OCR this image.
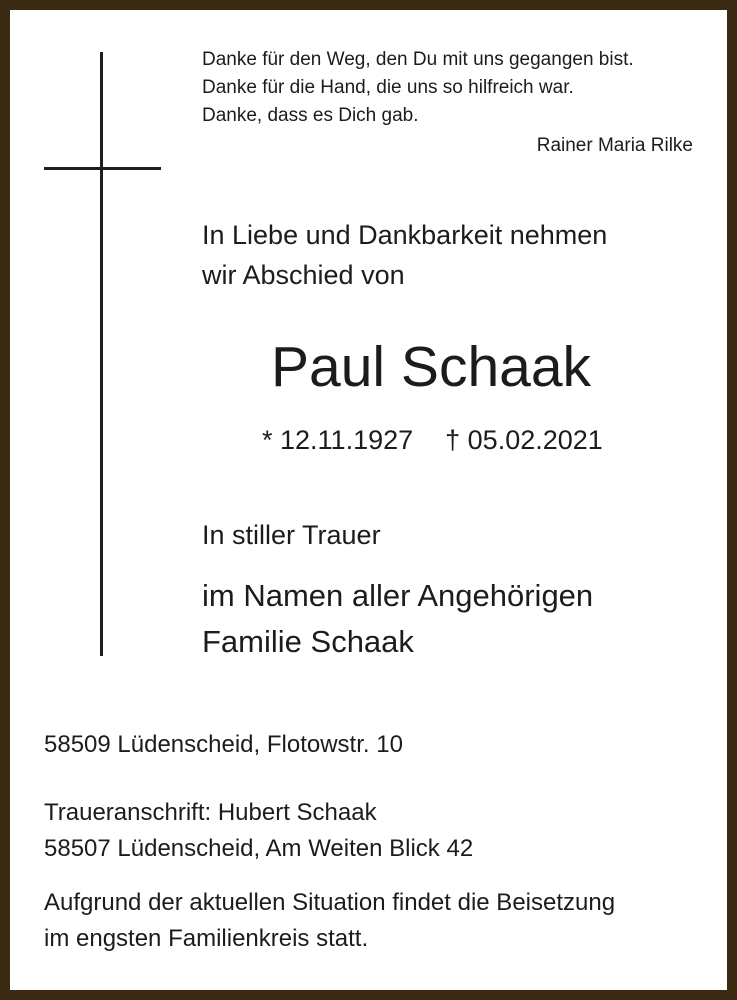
Danke für den Weg, den Du mit uns gegangen bist.
Danke für die Hand, die uns so hilfreich war.
Danke, dass es Dich gab.
Rainer Maria Rilke
In Liebe und Dankbarkeit nehmen
wir Abschied von
Paul Schaak
* 12.11.1927 † 05.02.2021
In stiller Trauer
im Namen aller Angehörigen
Familie Schaak
58509 Lüdenscheid, Flotowstr. 10
Traueranschrift: Hubert Schaak
58507 Lüdenscheid, Am Weiten Blick 42
Aufgrund der aktuellen Situation findet die Beisetzung
im engsten Familienkreis statt.
